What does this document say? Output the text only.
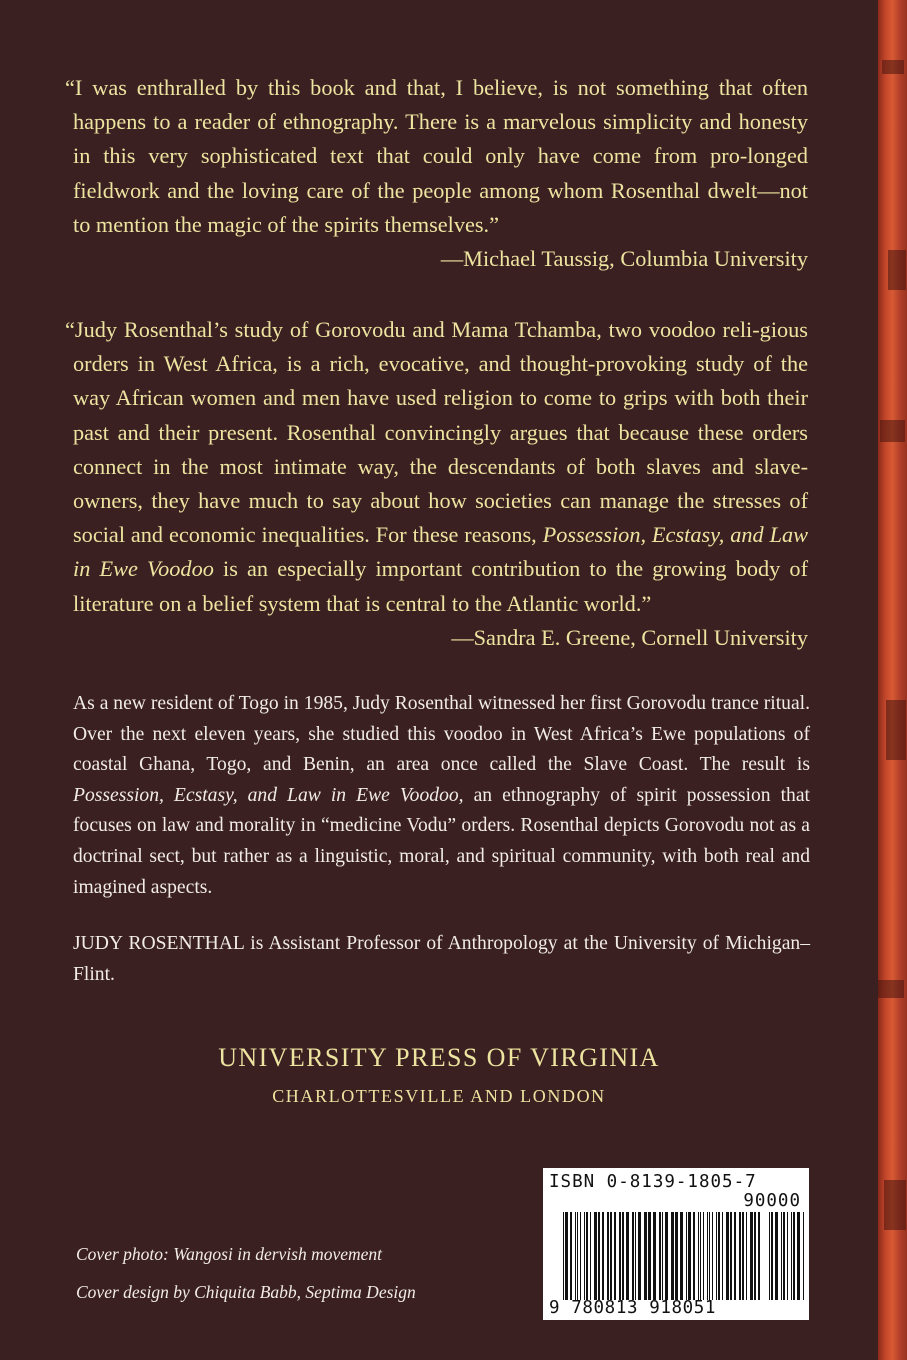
“I was enthralled by this book and that, I believe, is not something that often happens to a reader of ethnography. There is a marvelous simplicity and honesty in this very sophisticated text that could only have come from pro-longed fieldwork and the loving care of the people among whom Rosenthal dwelt—not to mention the magic of the spirits themselves.”

—Michael Taussig, Columbia University

“Judy Rosenthal’s study of Gorovodu and Mama Tchamba, two voodoo reli-gious orders in West Africa, is a rich, evocative, and thought-provoking study of the way African women and men have used religion to come to grips with both their past and their present. Rosenthal convincingly argues that because these orders connect in the most intimate way, the descendants of both slaves and slave-owners, they have much to say about how societies can manage the stresses of social and economic inequalities. For these reasons, Possession, Ecstasy, and Law in Ewe Voodoo is an especially important contribution to the growing body of literature on a belief system that is central to the Atlantic world.”
—Sandra E. Greene, Cornell University

As a new resident of Togo in 1985, Judy Rosenthal witnessed her first Gorovodu trance ritual. Over the next eleven years, she studied this voodoo in West Africa’s Ewe populations of coastal Ghana, Togo, and Benin, an area once called the Slave Coast. The result is Possession, Ecstasy, and Law in Ewe Voodoo, an ethnography of spirit possession that focuses on law and morality in “medicine Vodu” orders. Rosenthal depicts Gorovodu not as a doctrinal sect, but rather as a linguistic, moral, and spiritual community, with both real and imagined aspects.

JUDY ROSENTHAL is Assistant Professor of Anthropology at the University of Michigan–Flint.

UNIVERSITY PRESS OF VIRGINIA
CHARLOTTESVILLE AND LONDON
Cover photo: Wangosi in dervish movement
Cover design by Chiquita Babb, Septima Design
ISBN 0-8139-1805-7
90000
9 780813 918051
